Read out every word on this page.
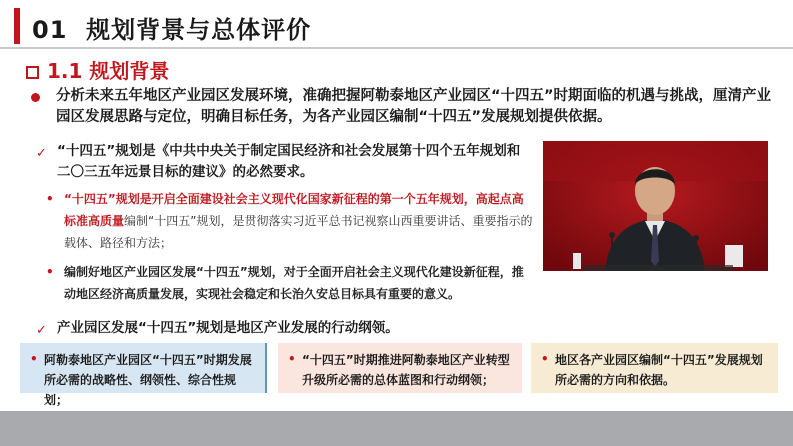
01 规划背景与总体评价
1.1 规划背景
分析未来五年地区产业园区发展环境，准确把握阿勒泰地区产业园区“十四五”时期面临的机遇与挑战，厘清产业园区发展思路与定位，明确目标任务，为各产业园区编制“十四五”发展规划提供依据。
✓ “十四五”规划是《中共中央关于制定国民经济和社会发展第十四个五年规划和
二〇三五年远景目标的建议》的必然要求。
• “十四五”规划是开启全面建设社会主义现代化国家新征程的第一个五年规划，高起点高标准高质量编制“十四五”规划，是贯彻落实习近平总书记视察山西重要讲话、重要指示的载体、路径和方法；
• 编制好地区产业园区发展“十四五”规划，对于全面开启社会主义现代化建设新征程，推动地区经济高质量发展，实现社会稳定和长治久安总目标具有重要的意义。
✓ 产业园区发展“十四五”规划是地区产业发展的行动纲领。
• 阿勒泰地区产业园区“十四五”时期发展所必需的战略性、纲领性、综合性规划；
• “十四五”时期推进阿勒泰地区产业转型升级所必需的总体蓝图和行动纲领；
• 地区各产业园区编制“十四五”发展规划所必需的方向和依据。
